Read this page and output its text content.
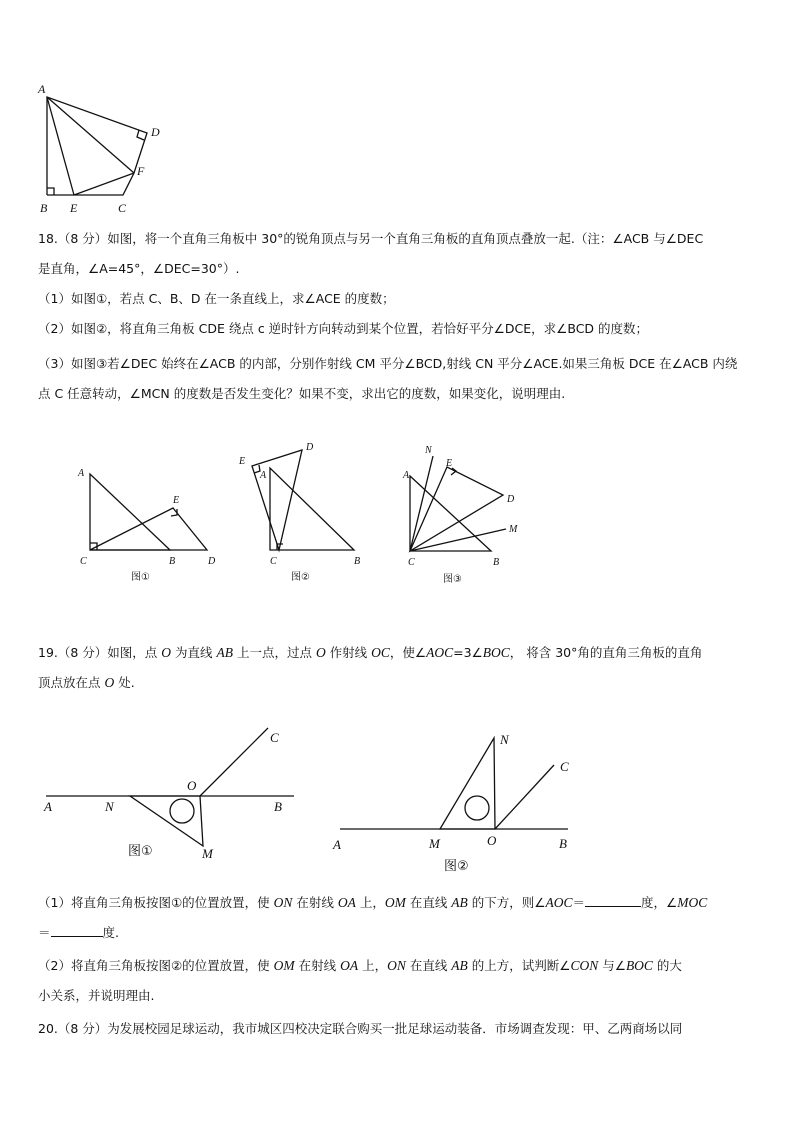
A
D
F
B E	C
18.（8 分）如图，将一个直角三角板中 30°的锐角顶点与另一个直角三角板的直角顶点叠放一起.（注：∠ACB 与∠DEC
是直角，∠A=45°，∠DEC=30°）.
（1）如图①，若点 C、B、D 在一条直线上，求∠ACE 的度数；
（2）如图②，将直角三角板 CDE 绕点 c 逆时针方向转动到某个位置，若恰好平分∠DCE，求∠BCD 的度数；
（3）如图③若∠DEC 始终在∠ACB 的内部，分别作射线 CM 平分∠BCD,射线 CN 平分∠ACE.如果三角板 DCE 在∠ACB 内绕
点 C 任意转动，∠MCN 的度数是否发生变化？如果不变，求出它的度数，如果变化，说明理由.
A
E
C	B	D
图①
E
D
A
C	B
图②
N
E
A
D
M
C	B
图③
19.（8 分）如图，点 O 为直线 AB 上一点，过点 O 作射线 OC，使∠AOC=3∠BOC， 将含 30°角的直角三角板的直角
顶点放在点 O 处.
C
O
A	N	B
M
图①
N
C
A	M	O	B
图②
（1）将直角三角板按图①的位置放置，使 ON 在射线 OA 上，OM 在直线 AB 的下方，则∠AOC＝	度，∠MOC
＝	度.
（2）将直角三角板按图②的位置放置，使 OM 在射线 OA 上，ON 在直线 AB 的上方，试判断∠CON 与∠BOC 的大
小关系，并说明理由.
20.（8 分）为发展校园足球运动，我市城区四校决定联合购买一批足球运动装备．市场调查发现：甲、乙两商场以同
